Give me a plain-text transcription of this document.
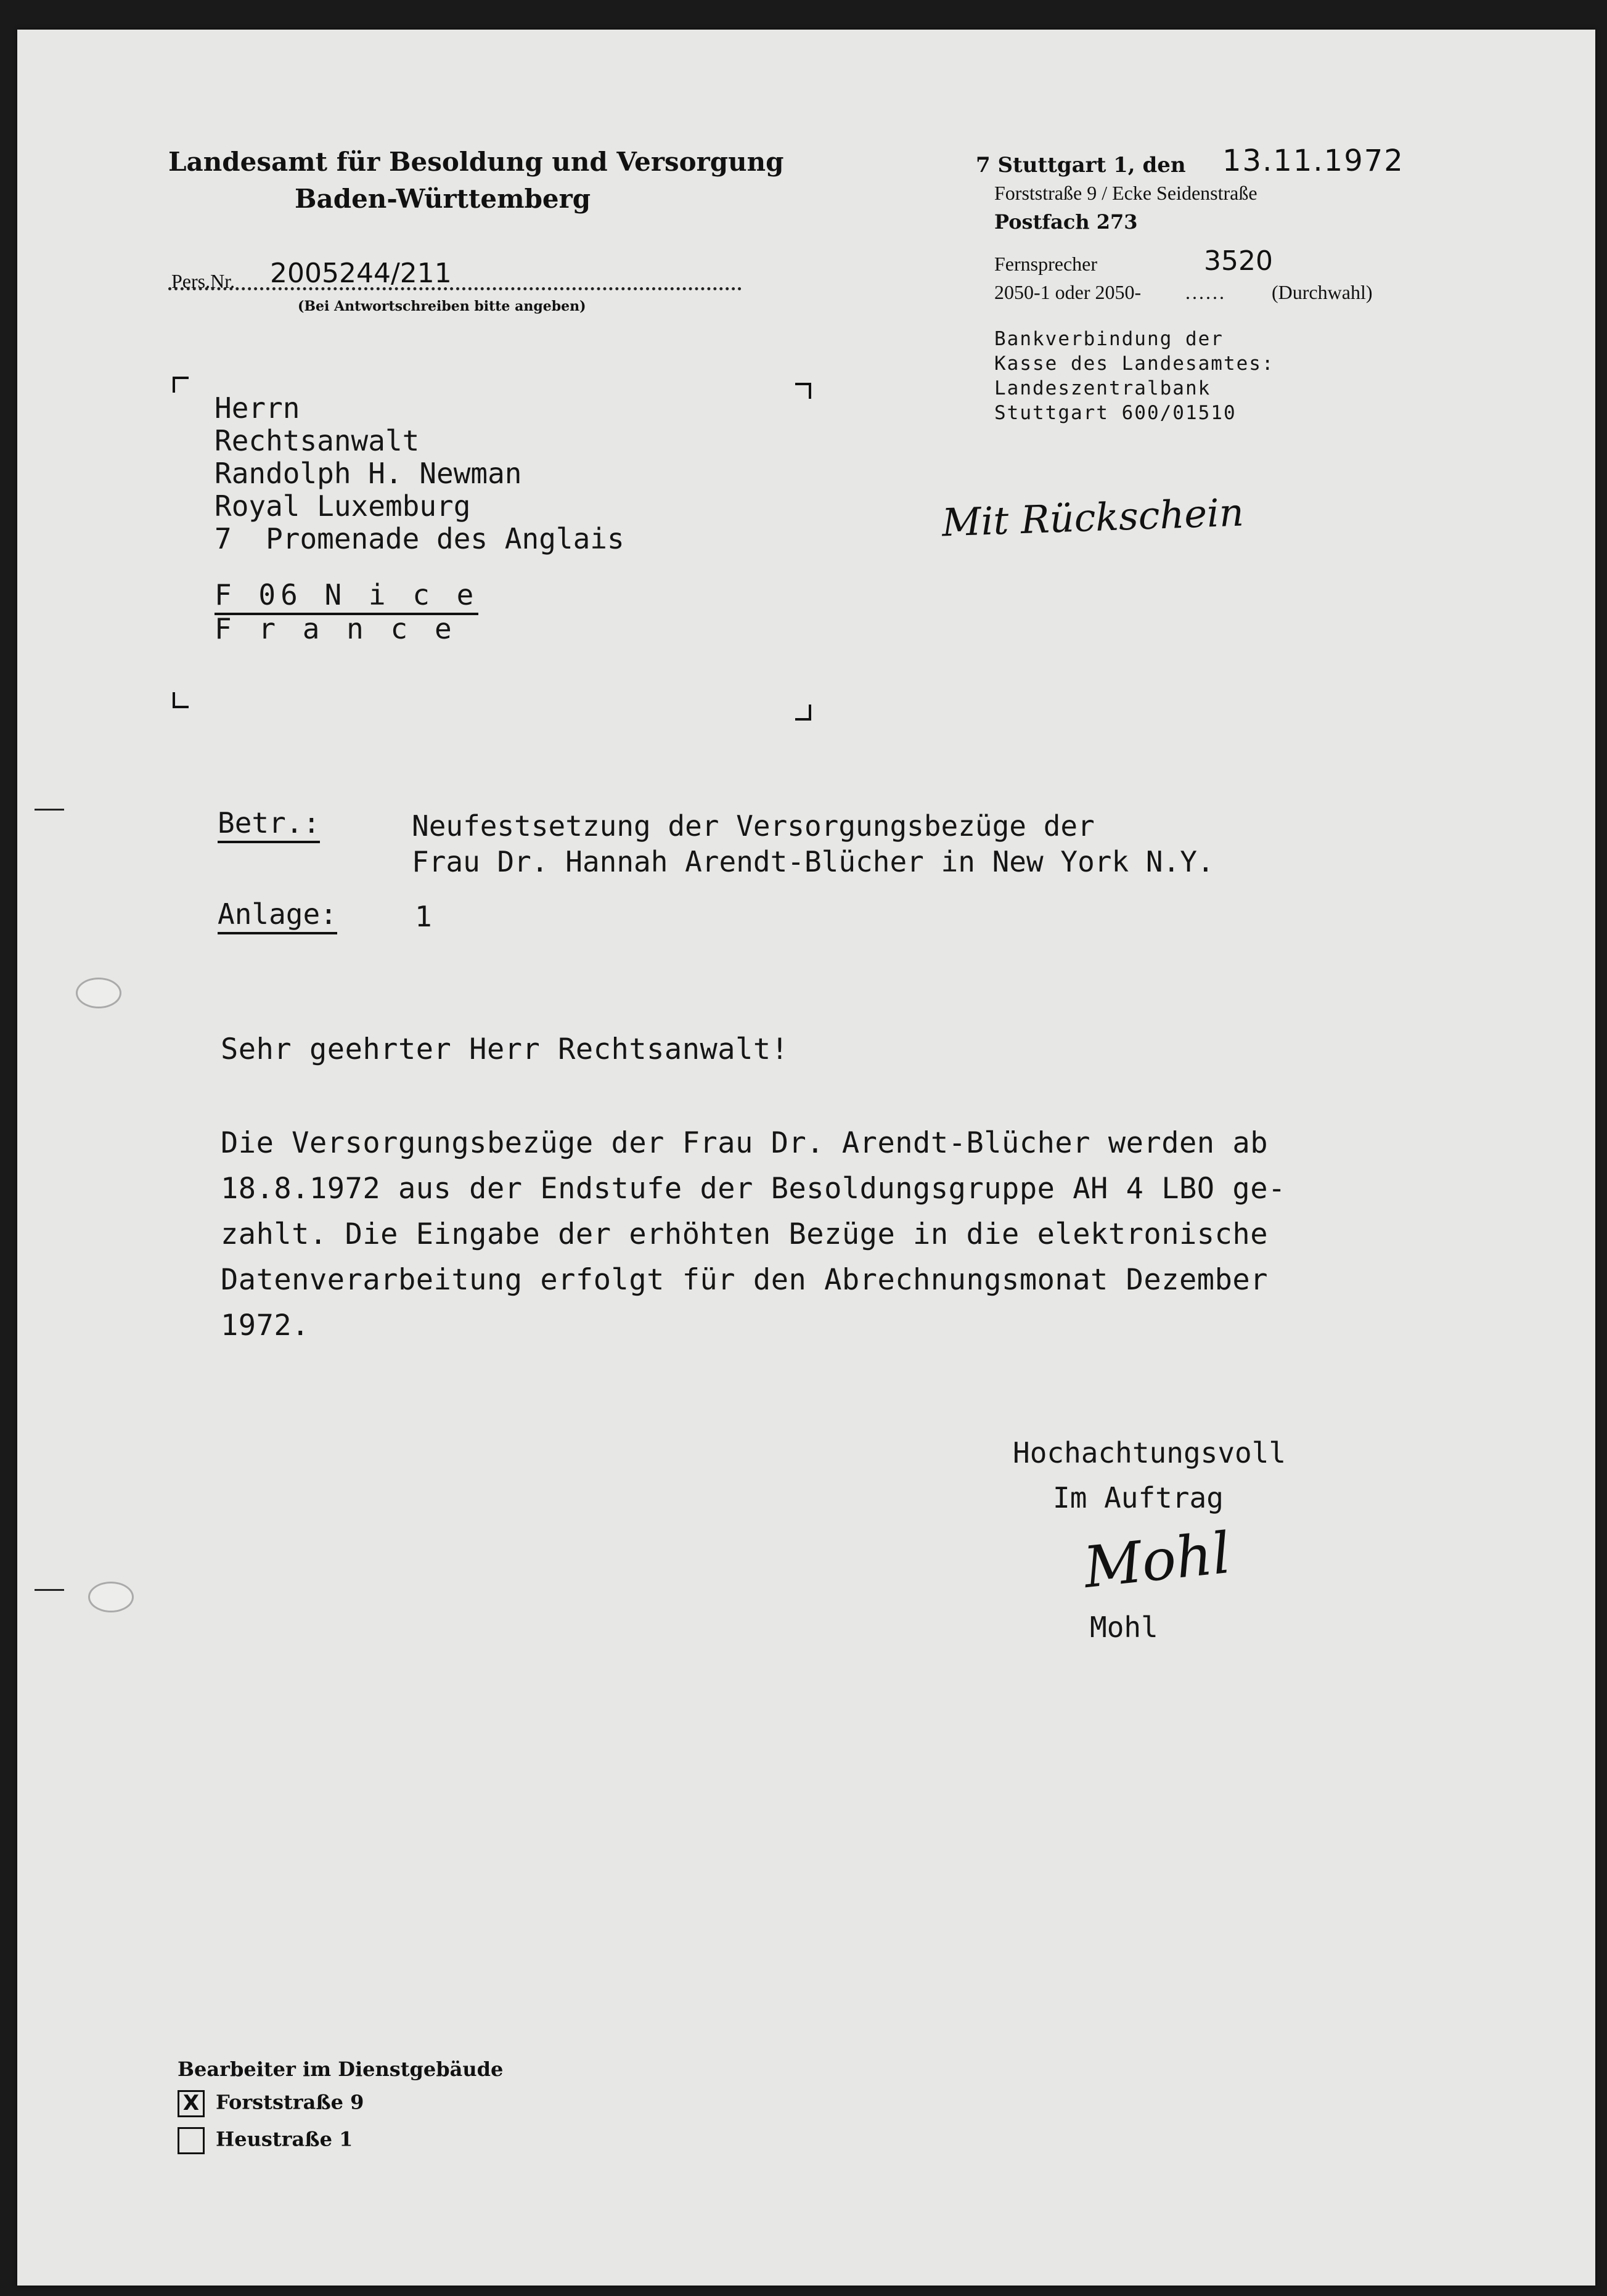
Landesamt für Besoldung und Versorgung
Baden-Württemberg
Pers.Nr. 2005244/211
(Bei Antwortschreiben bitte angeben)
7 Stuttgart 1, den 13.11.1972
Forststraße 9 / Ecke Seidenstraße
Postfach 273
Fernsprecher	3520
2050-1 oder 2050- ...... (Durchwahl)
Bankverbindung der
Kasse des Landesamtes:
Landeszentralbank
Stuttgart 600/01510
Herrn
Rechtsanwalt
Randolph H. Newman
Royal Luxemburg
7  Promenade des Anglais
F 06 N i c e
F r a n c e
Mit Rückschein
Betr.:	Neufestsetzung der Versorgungsbezüge der
Frau Dr. Hannah Arendt-Blücher in New York N.Y.
Anlage:	1
Sehr geehrter Herr Rechtsanwalt!
Die Versorgungsbezüge der Frau Dr. Arendt-Blücher werden ab
18.8.1972 aus der Endstufe der Besoldungsgruppe AH 4 LBO ge-
zahlt. Die Eingabe der erhöhten Bezüge in die elektronische
Datenverarbeitung erfolgt für den Abrechnungsmonat Dezember
1972.
Hochachtungsvoll
Im Auftrag
Mohl
Mohl
Bearbeiter im Dienstgebäude
X Forststraße 9
Heustraße 1
